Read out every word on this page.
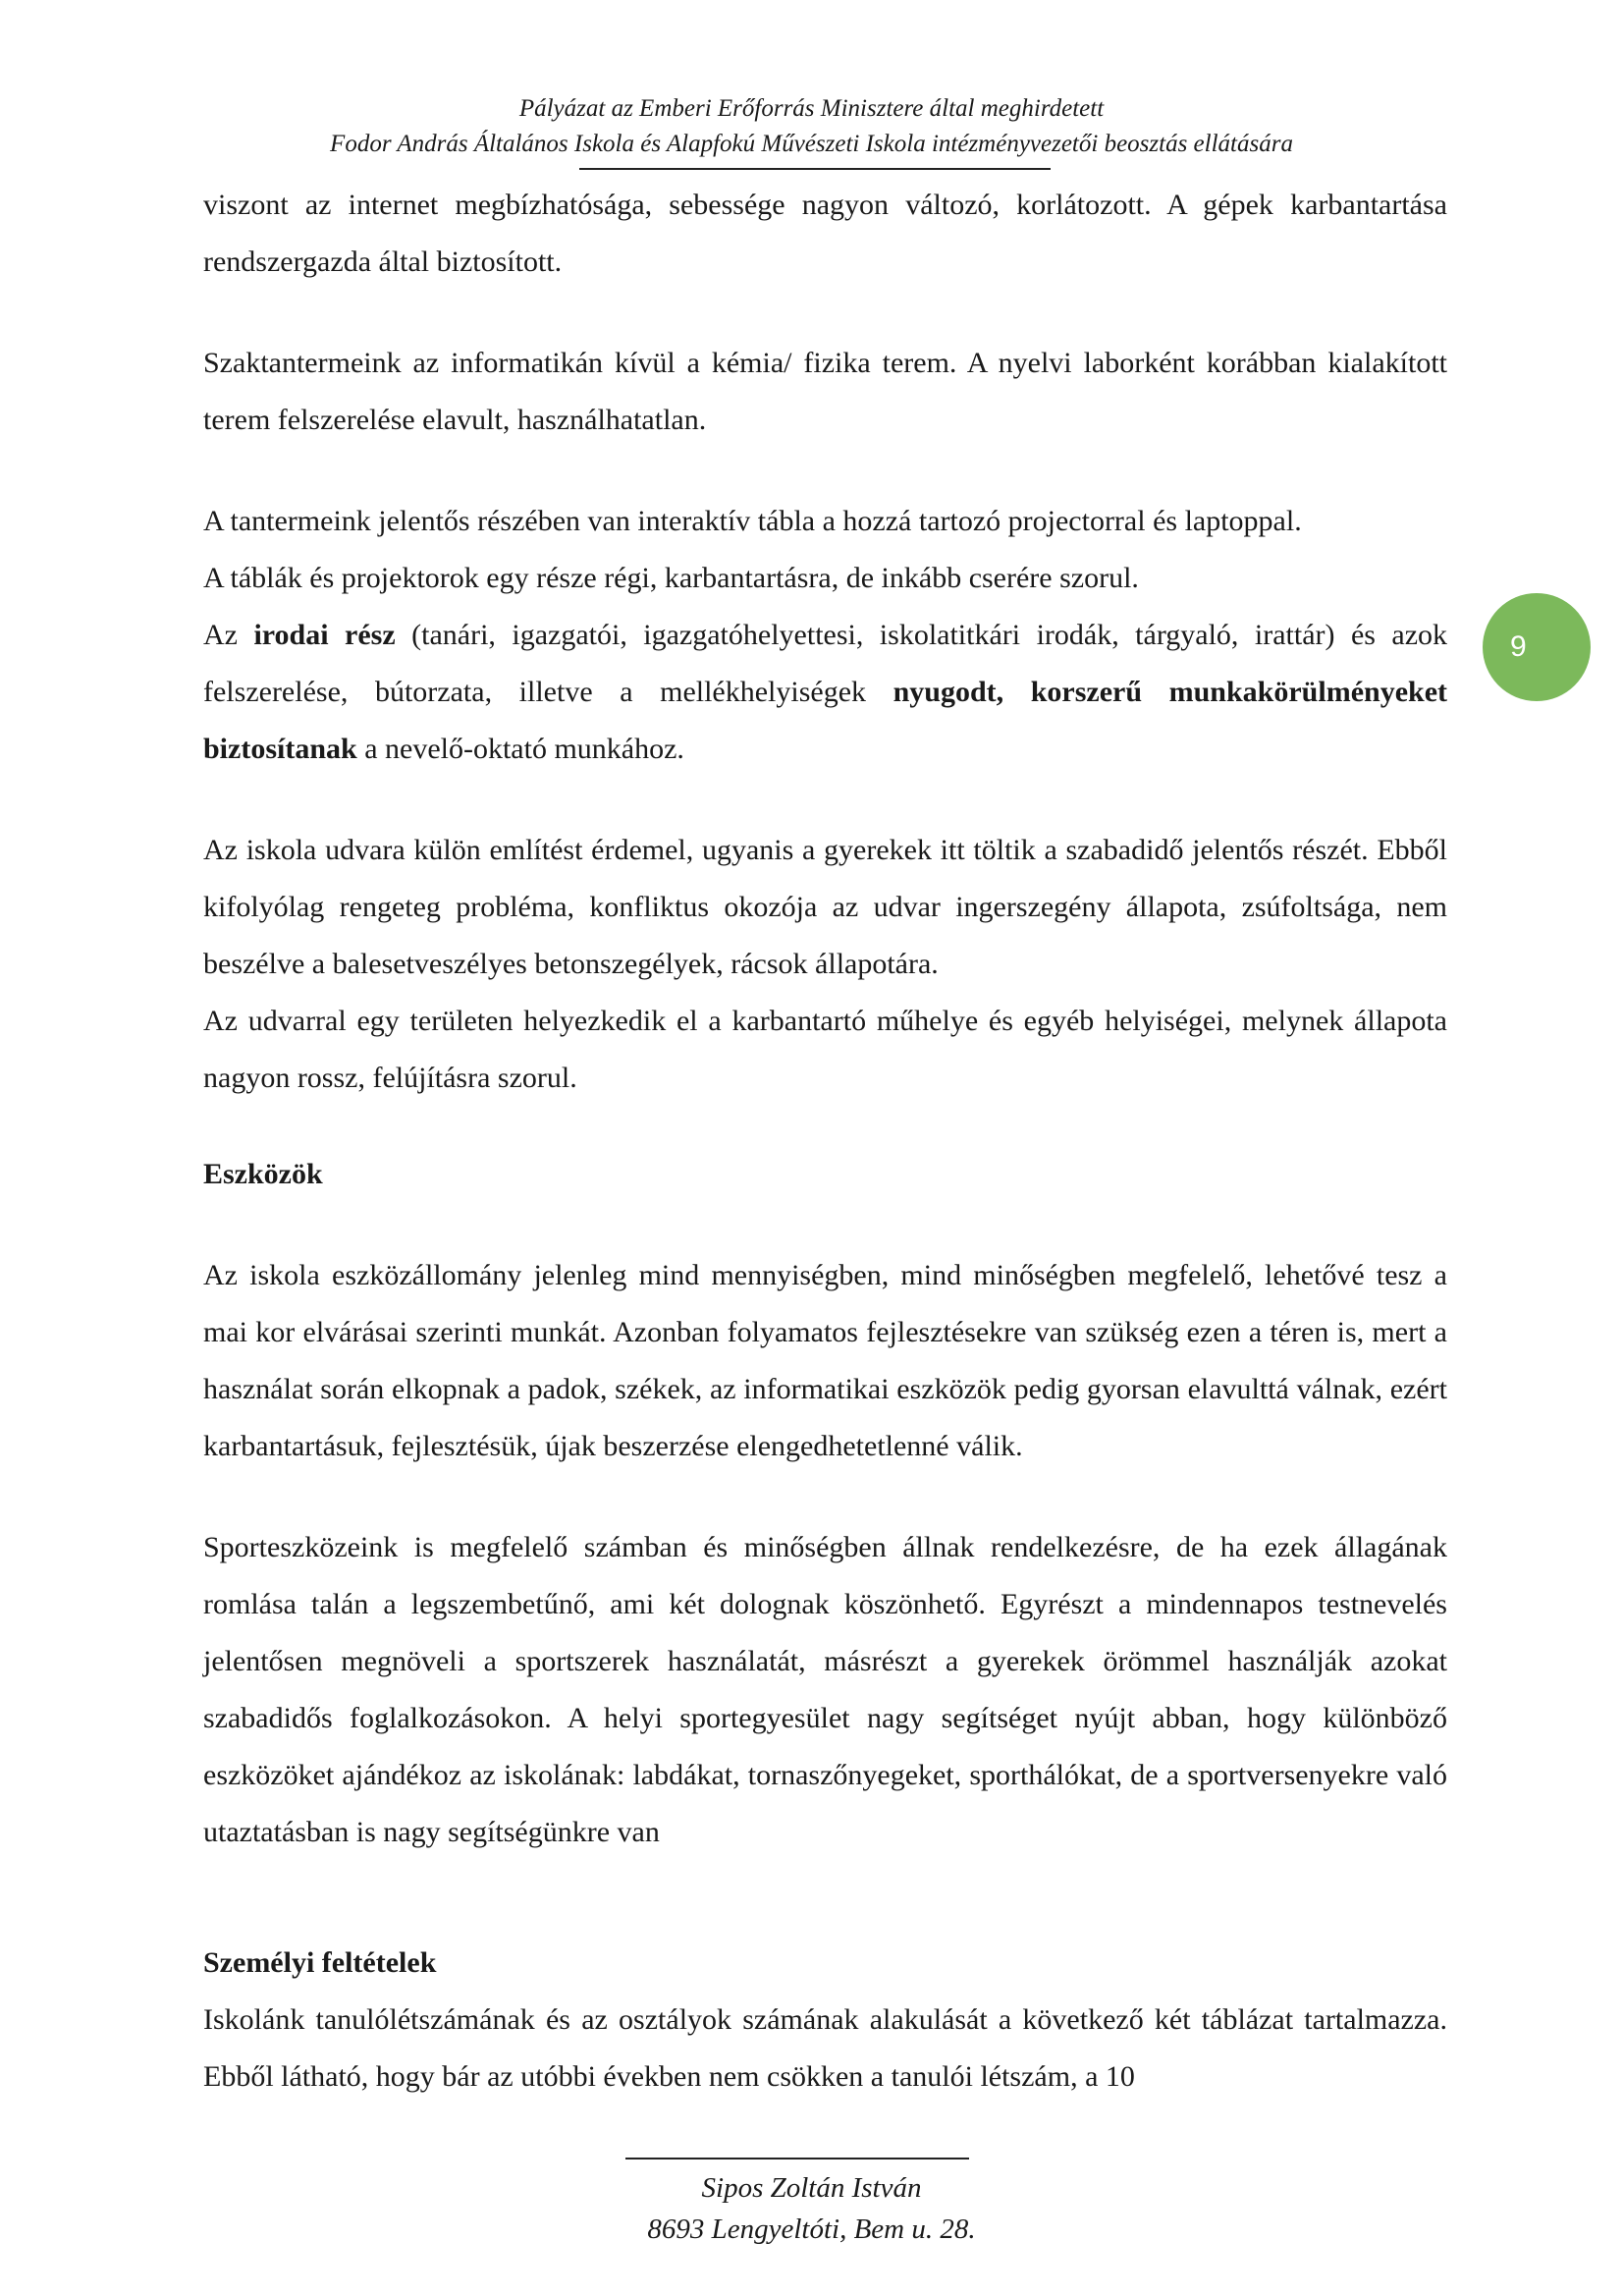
Pályázat az Emberi Erőforrás Minisztere által meghirdetett
Fodor András Általános Iskola és Alapfokú Művészeti Iskola intézményvezetői beosztás ellátására
9

viszont az internet megbízhatósága, sebessége nagyon változó, korlátozott. A gépek karbantartása rendszergazda által biztosított.

Szaktantermeink az informatikán kívül a kémia/ fizika terem. A nyelvi laborként korábban kialakított terem felszerelése elavult, használhatatlan.

A tantermeink jelentős részében van interaktív tábla a hozzá tartozó projectorral és laptoppal.

A táblák és projektorok egy része régi, karbantartásra, de inkább cserére szorul.

Az irodai rész (tanári, igazgatói, igazgatóhelyettesi, iskolatitkári irodák, tárgyaló, irattár) és azok felszerelése, bútorzata, illetve a mellékhelyiségek nyugodt, korszerű munkakörülményeket biztosítanak a nevelő-oktató munkához.

Az iskola udvara külön említést érdemel, ugyanis a gyerekek itt töltik a szabadidő jelentős részét. Ebből kifolyólag rengeteg probléma, konfliktus okozója az udvar ingerszegény állapota, zsúfoltsága, nem beszélve a balesetveszélyes betonszegélyek, rácsok állapotára.

Az udvarral egy területen helyezkedik el a karbantartó műhelye és egyéb helyiségei, melynek állapota nagyon rossz, felújításra szorul.

Eszközök

Az iskola eszközállomány jelenleg mind mennyiségben, mind minőségben megfelelő, lehetővé tesz a mai kor elvárásai szerinti munkát. Azonban folyamatos fejlesztésekre van szükség ezen a téren is, mert a használat során elkopnak a padok, székek, az informatikai eszközök pedig gyorsan elavulttá válnak, ezért karbantartásuk, fejlesztésük, újak beszerzése elengedhetetlenné válik.

Sporteszközeink is megfelelő számban és minőségben állnak rendelkezésre, de ha ezek állagának romlása talán a legszembetűnő, ami két dolognak köszönhető. Egyrészt a mindennapos testnevelés jelentősen megnöveli a sportszerek használatát, másrészt a gyerekek örömmel használják azokat szabadidős foglalkozásokon. A helyi sportegyesület nagy segítséget nyújt abban, hogy különböző eszközöket ajándékoz az iskolának: labdákat, tornaszőnyegeket, sporthálókat, de a sportversenyekre való utaztatásban is nagy segítségünkre van

Személyi feltételek

Iskolánk tanulólétszámának és az osztályok számának alakulását a következő két táblázat tartalmazza. Ebből látható, hogy bár az utóbbi években nem csökken a tanulói létszám, a 10

Sipos Zoltán István
8693 Lengyeltóti, Bem u. 28.
